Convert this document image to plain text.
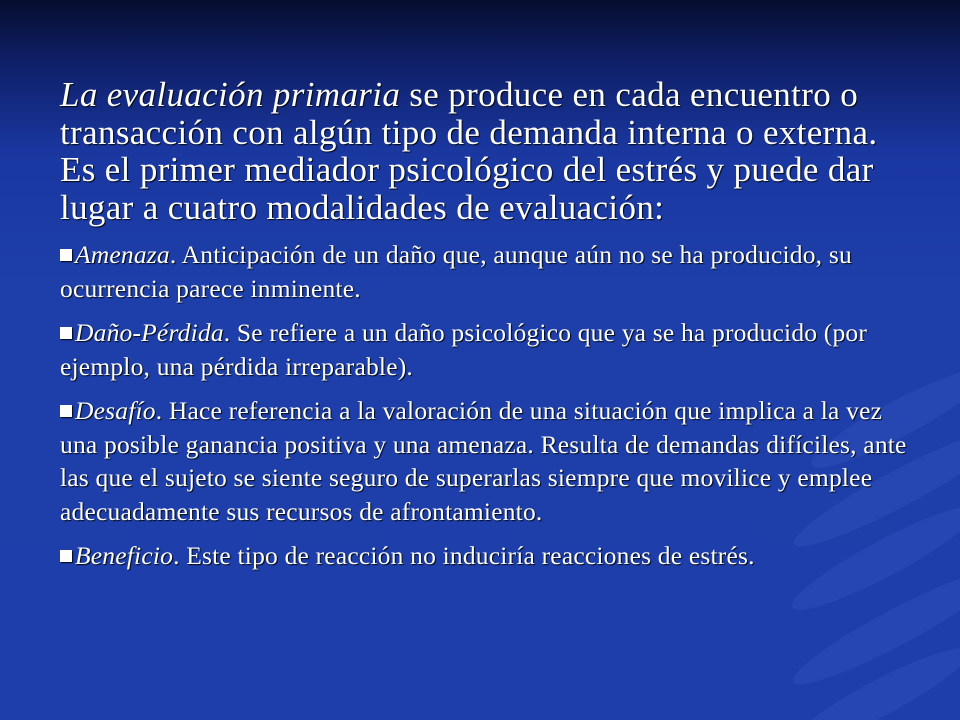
La evaluación primaria se produce en cada encuentro o transacción con algún tipo de demanda interna o externa. Es el primer mediador psicológico del estrés y puede dar lugar a cuatro modalidades de evaluación:

Amenaza. Anticipación de un daño que, aunque aún no se ha producido, su ocurrencia parece inminente.

Daño-Pérdida. Se refiere a un daño psicológico que ya se ha producido (por ejemplo, una pérdida irreparable).

Desafío. Hace referencia a la valoración de una situación que implica a la vez una posible ganancia positiva y una amenaza. Resulta de demandas difíciles, ante las que el sujeto se siente seguro de superarlas siempre que movilice y emplee adecuadamente sus recursos de afrontamiento.

Beneficio. Este tipo de reacción no induciría reacciones de estrés.
